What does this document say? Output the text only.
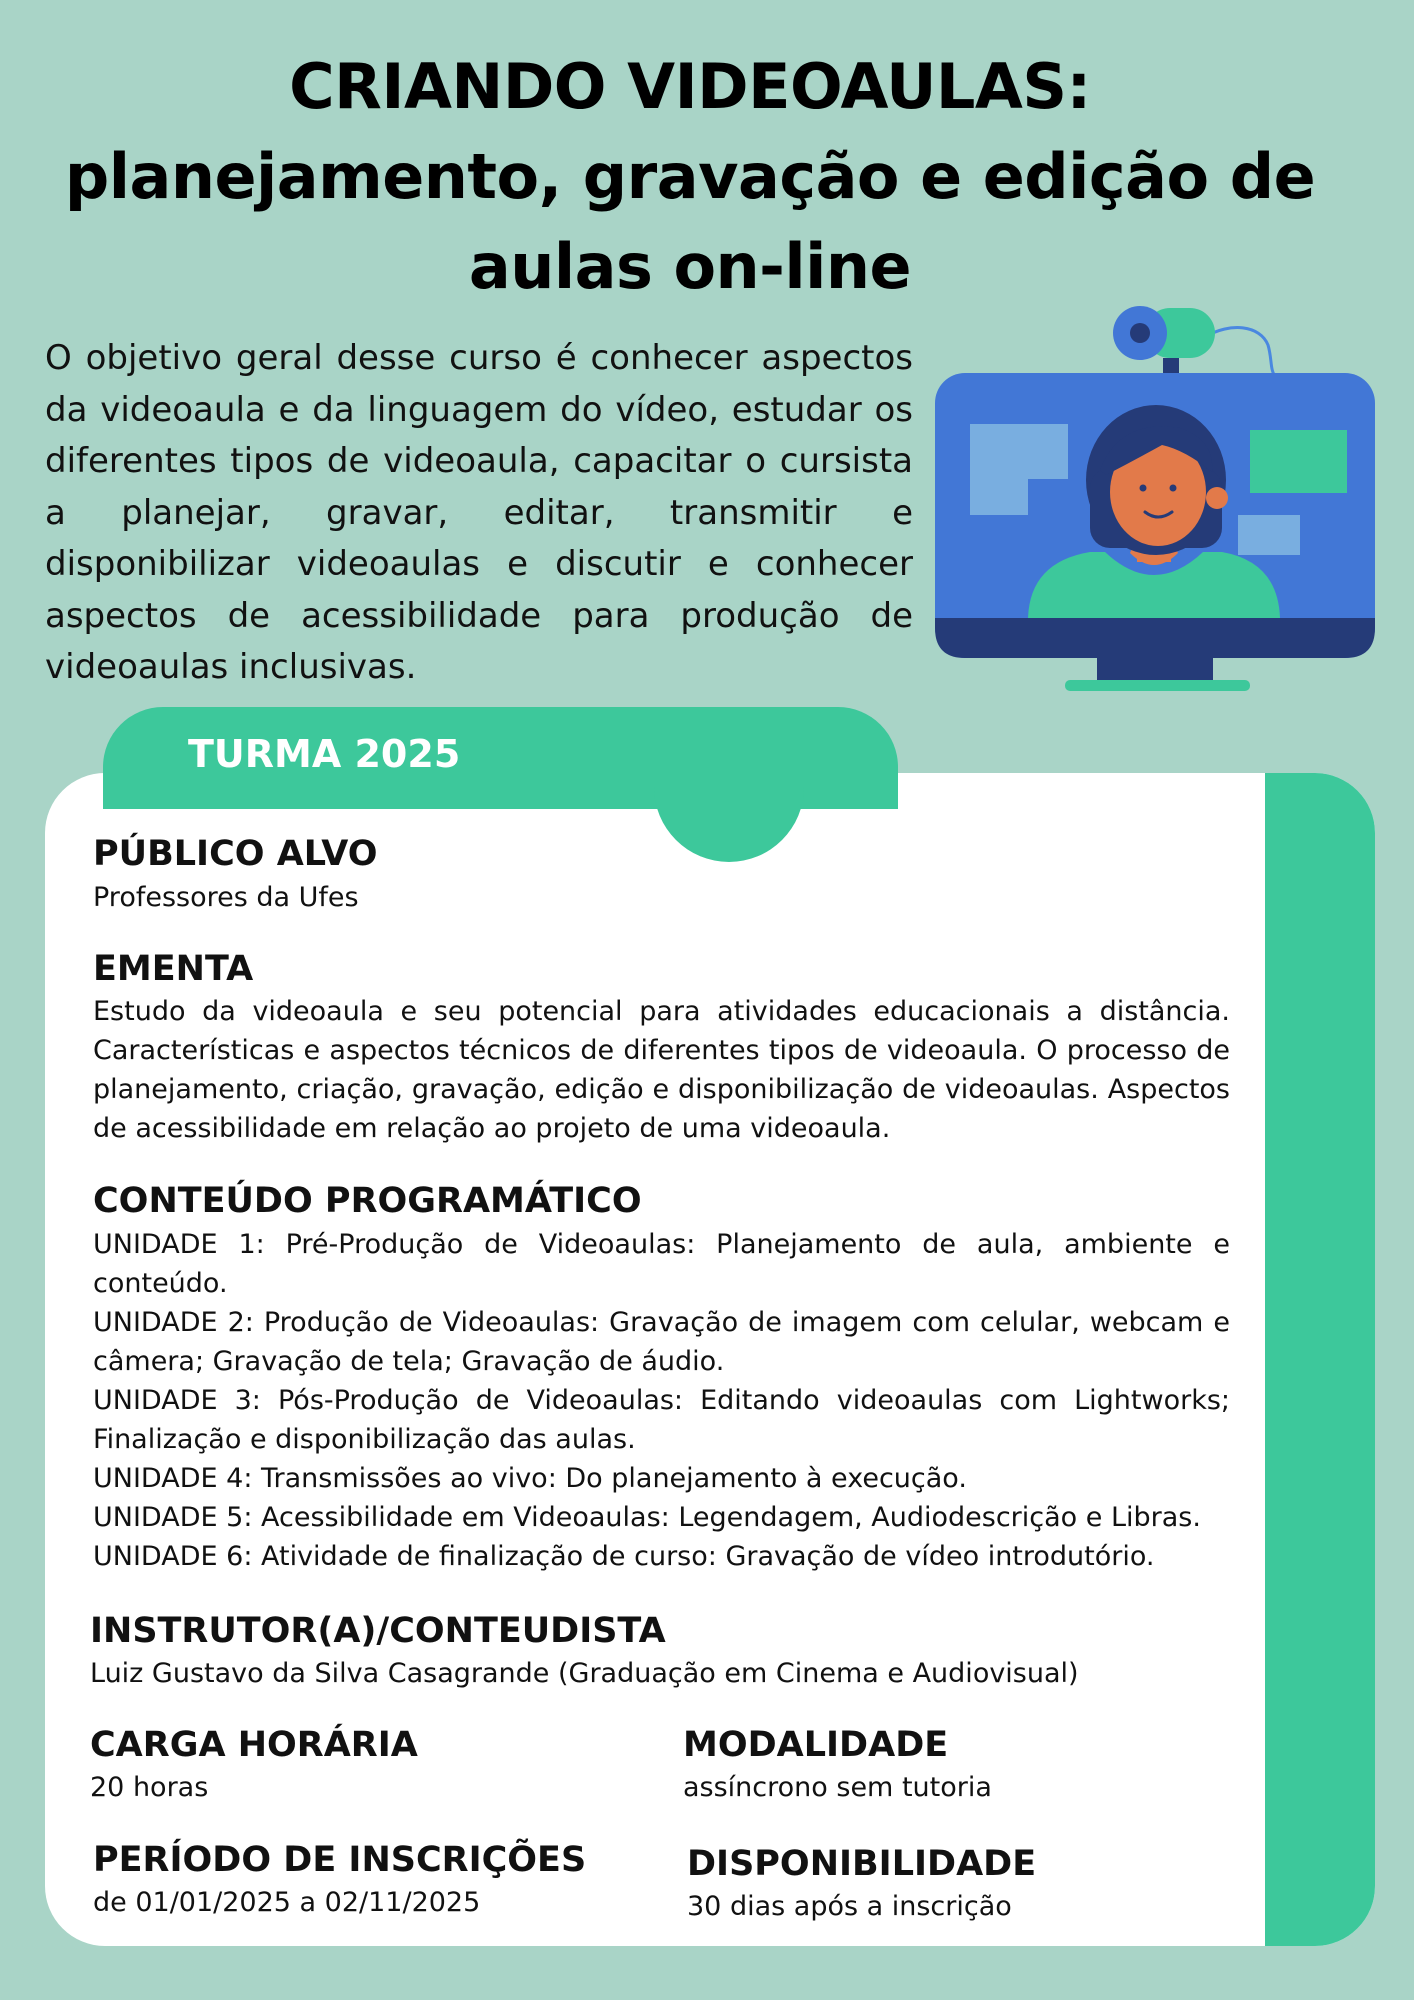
CRIANDO VIDEOAULAS:
planejamento, gravação e edição de
aulas on-line
O objetivo geral desse curso é conhecer aspectos da videoaula e da linguagem do vídeo, estudar os diferentes tipos de videoaula, capacitar o cursista a planejar, gravar, editar, transmitir e disponibilizar videoaulas e discutir e conhecer aspectos de acessibilidade para produção de videoaulas inclusivas.
TURMA 2025
PÚBLICO ALVO
Professores da Ufes
EMENTA
Estudo da videoaula e seu potencial para atividades educacionais a distância. Características e aspectos técnicos de diferentes tipos de videoaula. O processo de planejamento, criação, gravação, edição e disponibilização de videoaulas. Aspectos de acessibilidade em relação ao projeto de uma videoaula.
CONTEÚDO PROGRAMÁTICO
UNIDADE 1: Pré-Produção de Videoaulas: Planejamento de aula, ambiente e conteúdo.
UNIDADE 2: Produção de Videoaulas: Gravação de imagem com celular, webcam e câmera; Gravação de tela; Gravação de áudio.
UNIDADE 3: Pós-Produção de Videoaulas: Editando videoaulas com Lightworks; Finalização e disponibilização das aulas.
UNIDADE 4: Transmissões ao vivo: Do planejamento à execução.
UNIDADE 5: Acessibilidade em Videoaulas: Legendagem, Audiodescrição e Libras.
UNIDADE 6: Atividade de finalização de curso: Gravação de vídeo introdutório.
INSTRUTOR(A)/CONTEUDISTA
Luiz Gustavo da Silva Casagrande (Graduação em Cinema e Audiovisual)
CARGA HORÁRIA
20 horas
MODALIDADE
assíncrono sem tutoria
PERÍODO DE INSCRIÇÕES
de 01/01/2025 a 02/11/2025
DISPONIBILIDADE
30 dias após a inscrição
